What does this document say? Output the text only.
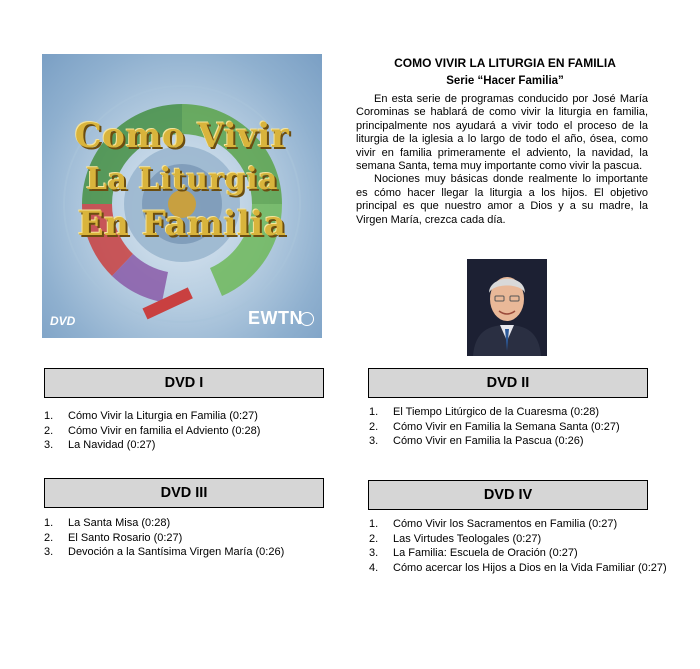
Como Vivir
La Liturgia
En Familia
DVD	EWTN
COMO VIVIR LA LITURGIA EN FAMILIA
Serie “Hacer Familia”

En esta serie de programas conducido por José María Corominas se hablará de como vivir la liturgia en familia, principalmente nos ayudará a vivir todo el proceso de la liturgia de la iglesia a lo largo de todo el año, ósea, como vivir en familia primeramente el adviento, la navidad, la semana Santa, tema muy importante como vivir la pascua.

Nociones muy básicas donde realmente lo importante es cómo hacer llegar la liturgia a los hijos. El objetivo principal es que nuestro amor a Dios y a su madre, la Virgen María, crezca cada día.

DVD I
1. Cómo Vivir la Liturgia en Familia (0:27)
2. Cómo Vivir en familia el Adviento (0:28)
3. La Navidad (0:27)
DVD II
1. El Tiempo Litúrgico de la Cuaresma (0:28)
2. Cómo Vivir en Familia la Semana Santa (0:27)
3. Cómo Vivir en Familia la Pascua (0:26)
DVD III
1. La Santa Misa (0:28)
2. El Santo Rosario (0:27)
3. Devoción a la Santísima Virgen María (0:26)
DVD IV
1. Cómo Vivir los Sacramentos en Familia (0:27)
2. Las Virtudes Teologales (0:27)
3. La Familia: Escuela de Oración (0:27)
4. Cómo acercar los Hijos a Dios en la Vida Familiar (0:27)
